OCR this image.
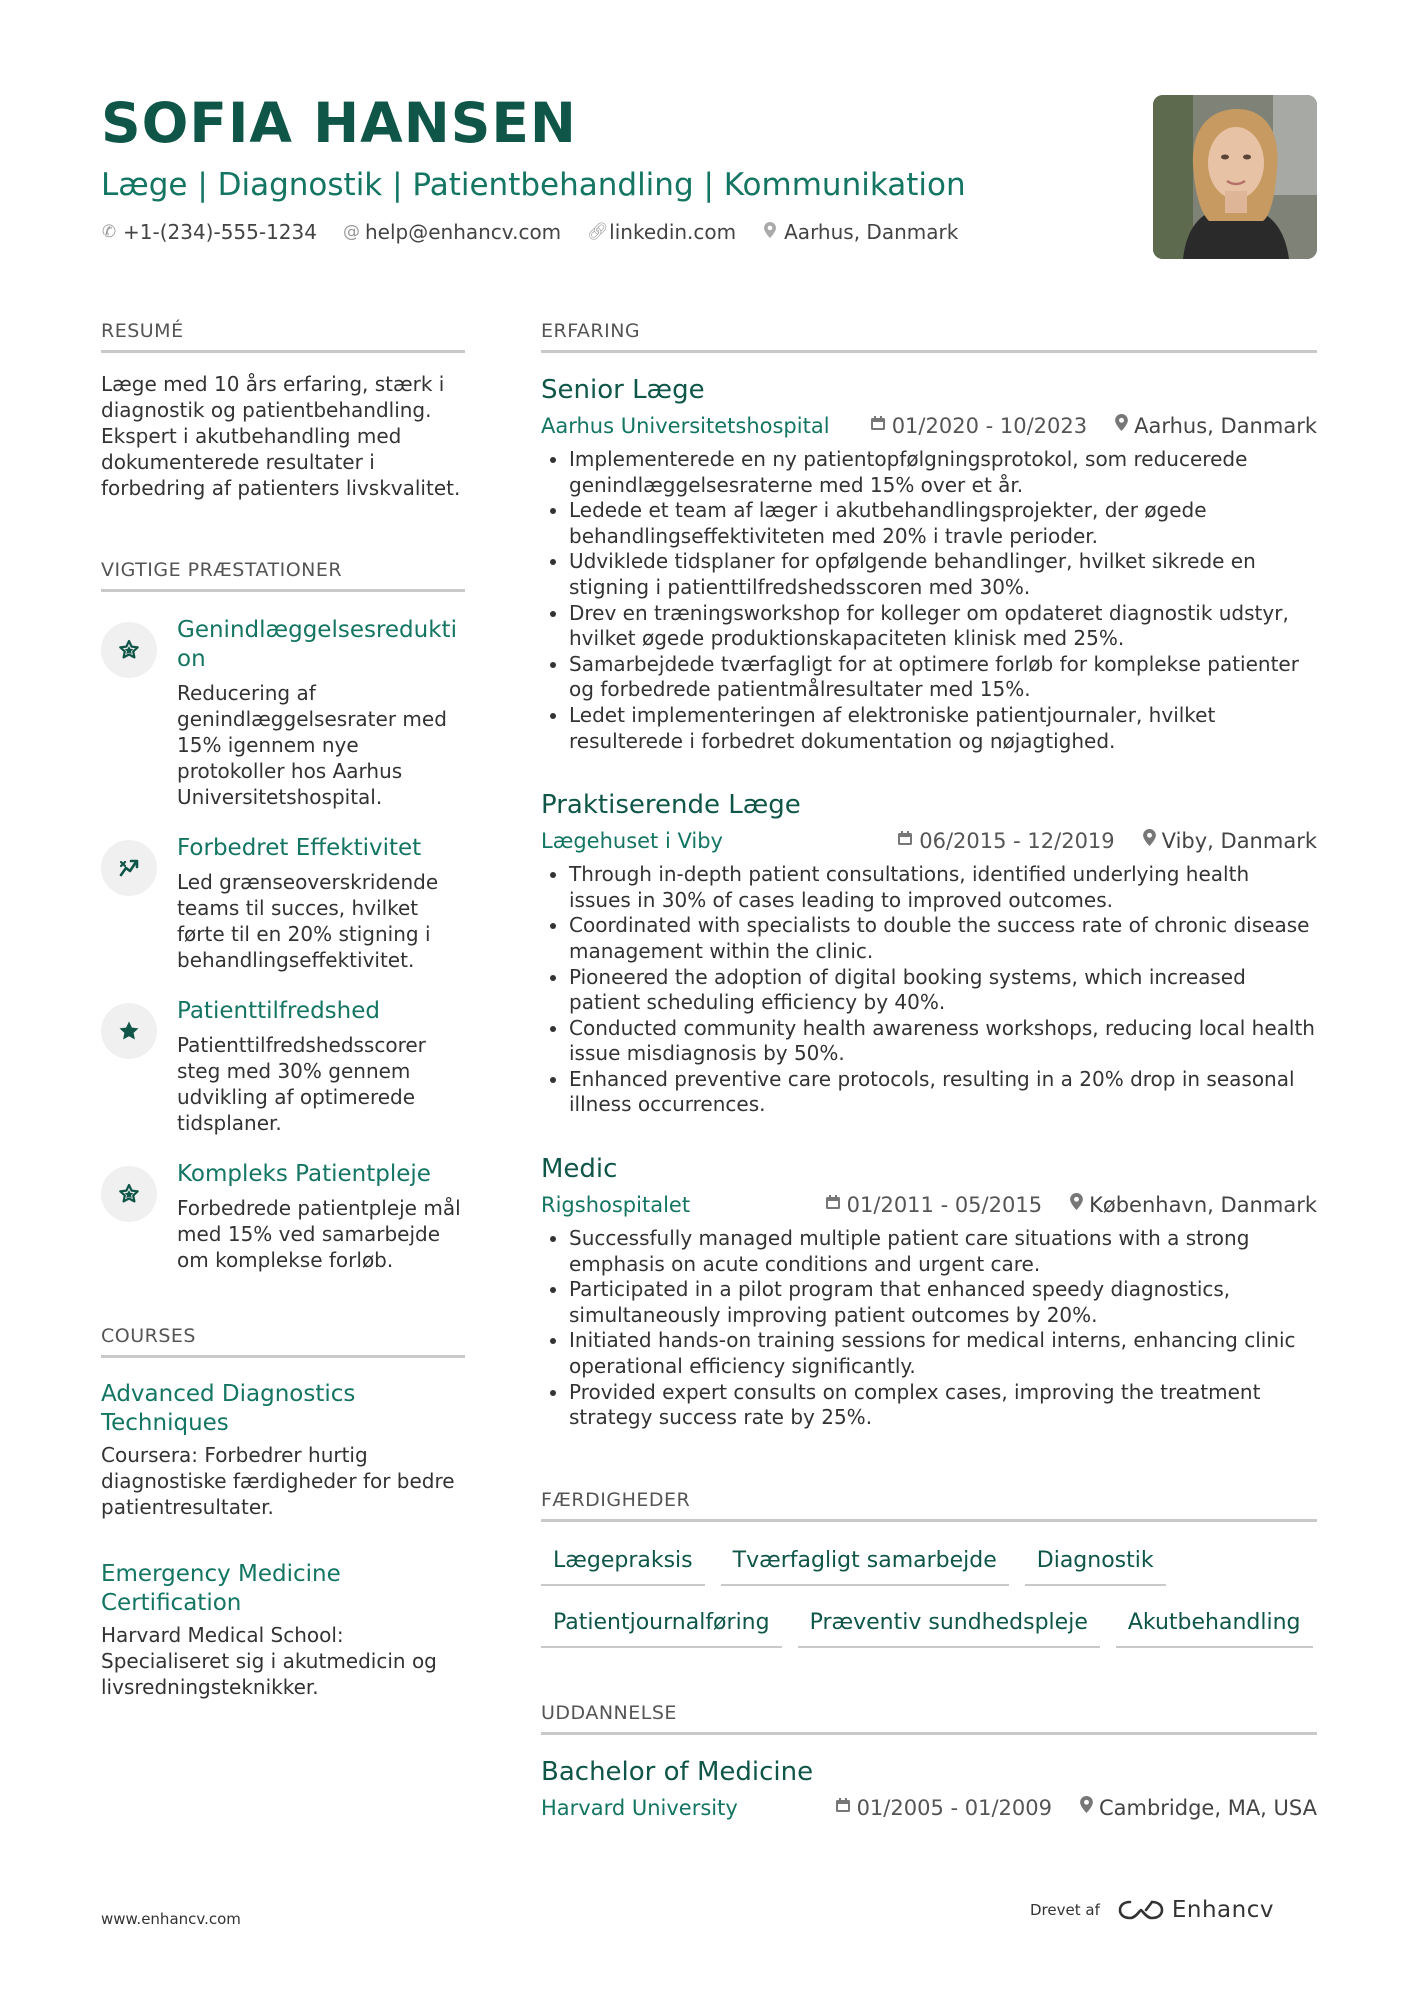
SOFIA HANSEN
Læge | Diagnostik | Patientbehandling | Kommunikation
✆ +1-(234)-555-1234 @ help@enhancv.com 🔗︎ linkedin.com Aarhus, Danmark
RESUMÉ
Læge med 10 års erfaring, stærk i diagnostik og patientbehandling. Ekspert i akutbehandling med dokumenterede resultater i forbedring af patienters livskvalitet.
VIGTIGE PRÆSTATIONER
Genindlæggelsesreduktion
Reducering af genindlæggelsesrater med 15% igennem nye protokoller hos Aarhus Universitetshospital.
Forbedret Effektivitet
Led grænseoverskridende teams til succes, hvilket førte til en 20% stigning i behandlingseffektivitet.
Patienttilfredshed
Patienttilfredshedsscorer steg med 30% gennem udvikling af optimerede tidsplaner.
Kompleks Patientpleje
Forbedrede patientpleje mål med 15% ved samarbejde om komplekse forløb.
COURSES
Advanced Diagnostics Techniques
Coursera: Forbedrer hurtig diagnostiske færdigheder for bedre patientresultater.
Emergency Medicine Certification
Harvard Medical School: Specialiseret sig i akutmedicin og livsredningsteknikker.
ERFARING
Senior Læge
Aarhus Universitetshospital	01/2020 - 10/2023 Aarhus, Danmark
• Implementerede en ny patientopfølgningsprotokol, som reducerede genindlæggelsesraterne med 15% over et år.
• Ledede et team af læger i akutbehandlingsprojekter, der øgede behandlingseffektiviteten med 20% i travle perioder.
• Udviklede tidsplaner for opfølgende behandlinger, hvilket sikrede en stigning i patienttilfredshedsscoren med 30%.
• Drev en træningsworkshop for kolleger om opdateret diagnostik udstyr, hvilket øgede produktionskapaciteten klinisk med 25%.
• Samarbejdede tværfagligt for at optimere forløb for komplekse patienter og forbedrede patientmålresultater med 15%.
• Ledet implementeringen af elektroniske patientjournaler, hvilket resulterede i forbedret dokumentation og nøjagtighed.
Praktiserende Læge
Lægehuset i Viby	06/2015 - 12/2019 Viby, Danmark
• Through in-depth patient consultations, identified underlying health issues in 30% of cases leading to improved outcomes.
• Coordinated with specialists to double the success rate of chronic disease management within the clinic.
• Pioneered the adoption of digital booking systems, which increased patient scheduling efficiency by 40%.
• Conducted community health awareness workshops, reducing local health issue misdiagnosis by 50%.
• Enhanced preventive care protocols, resulting in a 20% drop in seasonal illness occurrences.
Medic
Rigshospitalet	01/2011 - 05/2015 København, Danmark
• Successfully managed multiple patient care situations with a strong emphasis on acute conditions and urgent care.
• Participated in a pilot program that enhanced speedy diagnostics, simultaneously improving patient outcomes by 20%.
• Initiated hands-on training sessions for medical interns, enhancing clinic operational efficiency significantly.
• Provided expert consults on complex cases, improving the treatment strategy success rate by 25%.
FÆRDIGHEDER
Lægepraksis	Tværfagligt samarbejde	Diagnostik
Patientjournalføring	Præventiv sundhedspleje	Akutbehandling
UDDANNELSE
Bachelor of Medicine
Harvard University	01/2005 - 01/2009 Cambridge, MA, USA
www.enhancv.com	Drevet af	Enhancv
